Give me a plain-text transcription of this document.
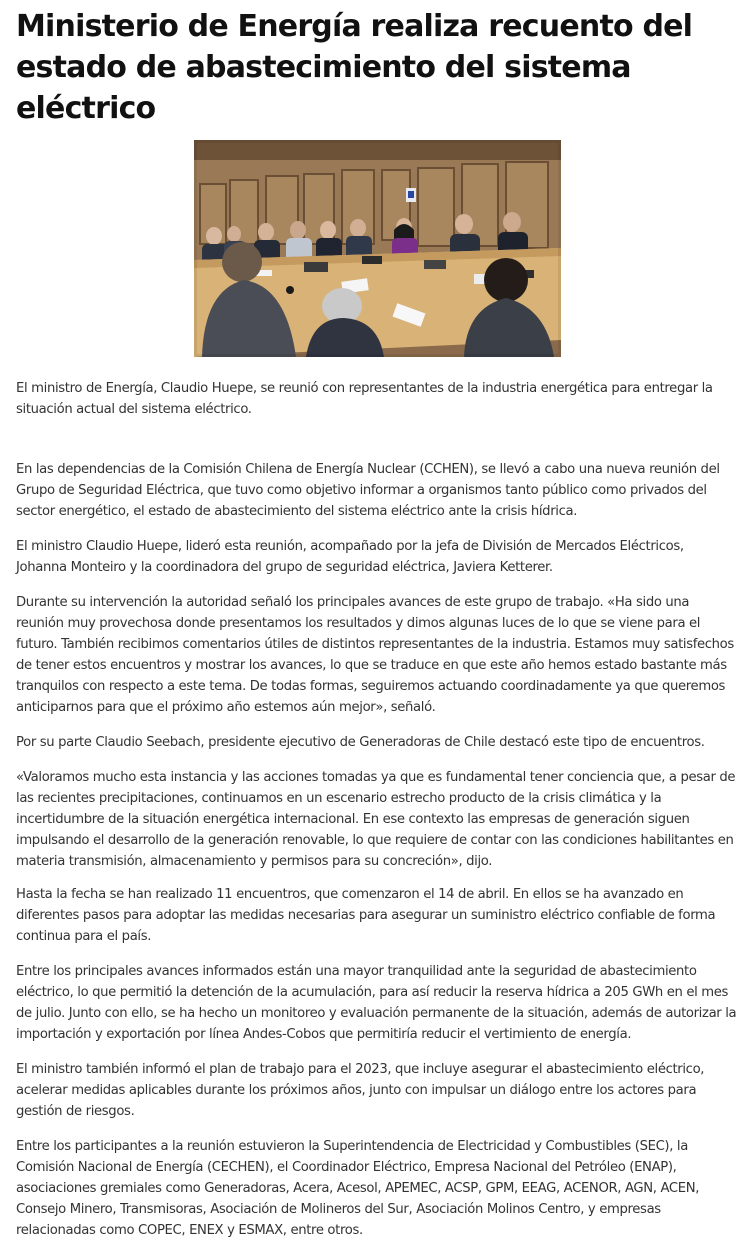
Ministerio de Energía realiza recuento del estado de abastecimiento del sistema eléctrico

El ministro de Energía, Claudio Huepe, se reunió con representantes de la industria energética para entregar la situación actual del sistema eléctrico.

En las dependencias de la Comisión Chilena de Energía Nuclear (CCHEN), se llevó a cabo una nueva reunión del Grupo de Seguridad Eléctrica, que tuvo como objetivo informar a organismos tanto público como privados del sector energético, el estado de abastecimiento del sistema eléctrico ante la crisis hídrica.

El ministro Claudio Huepe, lideró esta reunión, acompañado por la jefa de División de Mercados Eléctricos, Johanna Monteiro y la coordinadora del grupo de seguridad eléctrica, Javiera Ketterer.

Durante su intervención la autoridad señaló los principales avances de este grupo de trabajo. «Ha sido una reunión muy provechosa donde presentamos los resultados y dimos algunas luces de lo que se viene para el futuro. También recibimos comentarios útiles de distintos representantes de la industria. Estamos muy satisfechos de tener estos encuentros y mostrar los avances, lo que se traduce en que este año hemos estado bastante más tranquilos con respecto a este tema. De todas formas, seguiremos actuando coordinadamente ya que queremos anticiparnos para que el próximo año estemos aún mejor», señaló.

Por su parte Claudio Seebach, presidente ejecutivo de Generadoras de Chile destacó este tipo de encuentros.

«Valoramos mucho esta instancia y las acciones tomadas ya que es fundamental tener conciencia que, a pesar de las recientes precipitaciones, continuamos en un escenario estrecho producto de la crisis climática y la incertidumbre de la situación energética internacional. En ese contexto las empresas de generación siguen impulsando el desarrollo de la generación renovable, lo que requiere de contar con las condiciones habilitantes en materia transmisión, almacenamiento y permisos para su concreción», dijo.

Hasta la fecha se han realizado 11 encuentros, que comenzaron el 14 de abril. En ellos se ha avanzado en diferentes pasos para adoptar las medidas necesarias para asegurar un suministro eléctrico confiable de forma continua para el país.

Entre los principales avances informados están una mayor tranquilidad ante la seguridad de abastecimiento eléctrico, lo que permitió la detención de la acumulación, para así reducir la reserva hídrica a 205 GWh en el mes de julio. Junto con ello, se ha hecho un monitoreo y evaluación permanente de la situación, además de autorizar la importación y exportación por línea Andes-Cobos que permitiría reducir el vertimiento de energía.

El ministro también informó el plan de trabajo para el 2023, que incluye asegurar el abastecimiento eléctrico, acelerar medidas aplicables durante los próximos años, junto con impulsar un diálogo entre los actores para gestión de riesgos.

Entre los participantes a la reunión estuvieron la Superintendencia de Electricidad y Combustibles (SEC), la Comisión Nacional de Energía (CECHEN), el Coordinador Eléctrico, Empresa Nacional del Petróleo (ENAP), asociaciones gremiales como Generadoras, Acera, Acesol, APEMEC, ACSP, GPM, EEAG, ACENOR, AGN, ACEN, Consejo Minero, Transmisoras, Asociación de Molineros del Sur, Asociación Molinos Centro, y empresas relacionadas como COPEC, ENEX y ESMAX, entre otros.
